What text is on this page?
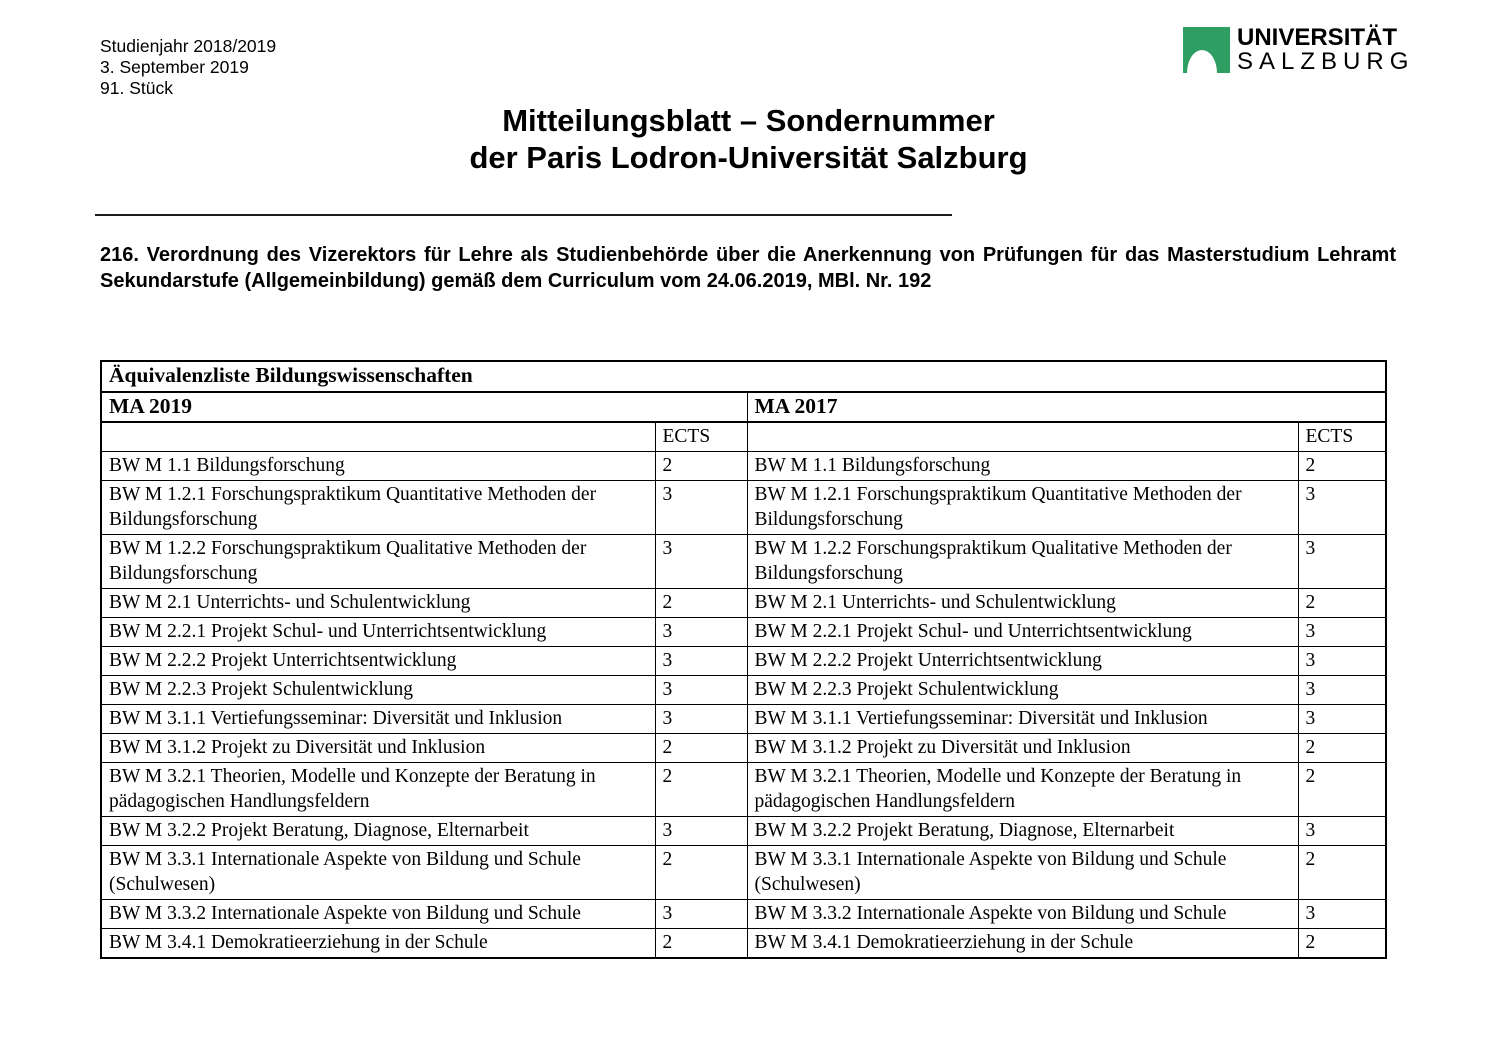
Studienjahr 2018/2019
3. September 2019
91. Stück
UNIVERSITÄT
SALZBURG
Mitteilungsblatt – Sondernummer
der Paris Lodron-Universität Salzburg
216. Verordnung des Vizerektors für Lehre als Studienbehörde über die Anerkennung von Prüfungen für das Masterstudium Lehramt Sekundarstufe (Allgemeinbildung) gemäß dem Curriculum vom 24.06.2019, MBl. Nr. 192
Äquivalenzliste Bildungswissenschaften			
MA 2019		MA 2017	
	ECTS		ECTS
BW M 1.1 Bildungsforschung	2	BW M 1.1 Bildungsforschung	2
BW M 1.2.1 Forschungspraktikum Quantitative Methoden der Bildungsforschung	3	BW M 1.2.1 Forschungspraktikum Quantitative Methoden der Bildungsforschung	3
BW M 1.2.2 Forschungspraktikum Qualitative Methoden der Bildungsforschung	3	BW M 1.2.2 Forschungspraktikum Qualitative Methoden der Bildungsforschung	3
BW M 2.1 Unterrichts- und Schulentwicklung	2	BW M 2.1 Unterrichts- und Schulentwicklung	2
BW M 2.2.1 Projekt Schul- und Unterrichtsentwicklung	3	BW M 2.2.1 Projekt Schul- und Unterrichtsentwicklung	3
BW M 2.2.2 Projekt Unterrichtsentwicklung	3	BW M 2.2.2 Projekt Unterrichtsentwicklung	3
BW M 2.2.3 Projekt Schulentwicklung	3	BW M 2.2.3 Projekt Schulentwicklung	3
BW M 3.1.1 Vertiefungsseminar: Diversität und Inklusion	3	BW M 3.1.1 Vertiefungsseminar: Diversität und Inklusion	3
BW M 3.1.2 Projekt zu Diversität und Inklusion	2	BW M 3.1.2 Projekt zu Diversität und Inklusion	2
BW M 3.2.1 Theorien, Modelle und Konzepte der Beratung in pädagogischen Handlungsfeldern	2	BW M 3.2.1 Theorien, Modelle und Konzepte der Beratung in pädagogischen Handlungsfeldern	2
BW M 3.2.2 Projekt Beratung, Diagnose, Elternarbeit	3	BW M 3.2.2 Projekt Beratung, Diagnose, Elternarbeit	3
BW M 3.3.1 Internationale Aspekte von Bildung und Schule (Schulwesen)	2	BW M 3.3.1 Internationale Aspekte von Bildung und Schule (Schulwesen)	2
BW M 3.3.2 Internationale Aspekte von Bildung und Schule	3	BW M 3.3.2 Internationale Aspekte von Bildung und Schule	3
BW M 3.4.1 Demokratieerziehung in der Schule	2	BW M 3.4.1 Demokratieerziehung in der Schule	2
